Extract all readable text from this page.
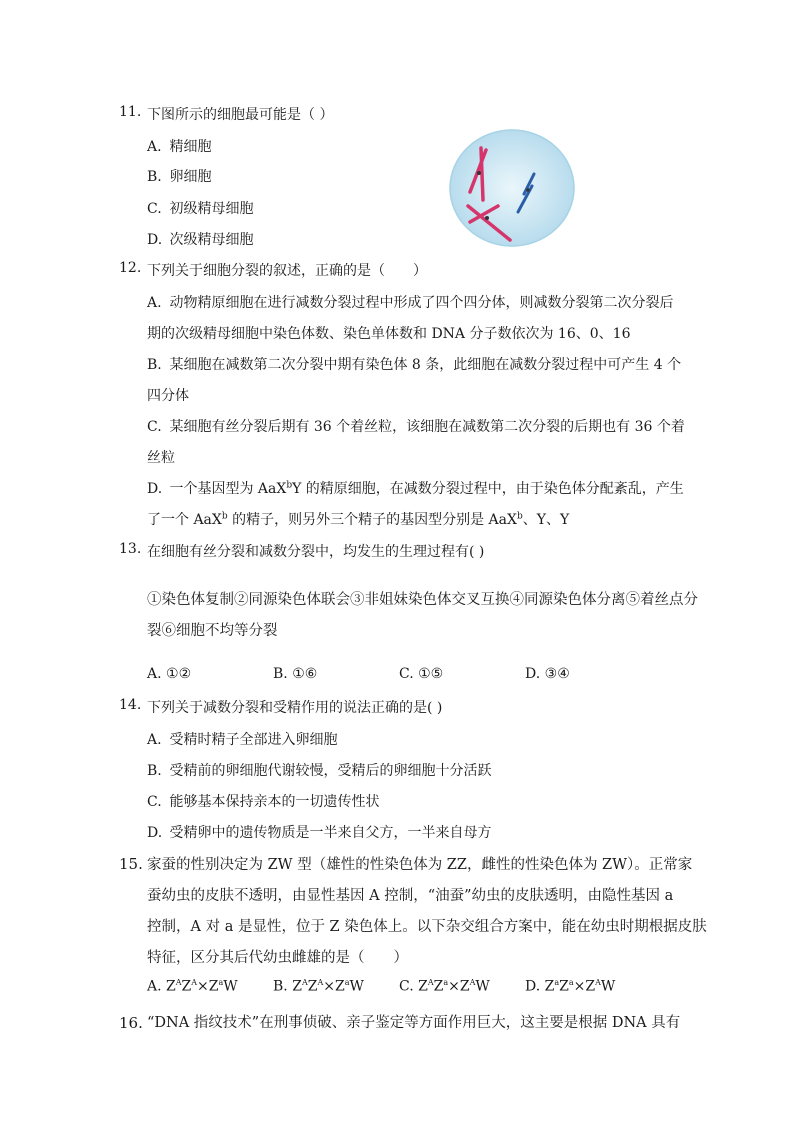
11. 下图所示的细胞最可能是（ ）
A. 精细胞
B. 卵细胞
C. 初级精母细胞
D. 次级精母细胞
12. 下列关于细胞分裂的叙述，正确的是（　　）
A. 动物精原细胞在进行减数分裂过程中形成了四个四分体，则减数分裂第二次分裂后
期的次级精母细胞中染色体数、染色单体数和 DNA 分子数依次为 16、0、16
B. 某细胞在减数第二次分裂中期有染色体 8 条，此细胞在减数分裂过程中可产生 4 个
四分体
C. 某细胞有丝分裂后期有 36 个着丝粒，该细胞在减数第二次分裂的后期也有 36 个着
丝粒
D. 一个基因型为 AaX$^b$Y 的精原细胞，在减数分裂过程中，由于染色体分配紊乱，产生
了一个 AaX$^b$ 的精子，则另外三个精子的基因型分别是 AaX$^b$、Y、Y
13. 在细胞有丝分裂和减数分裂中，均发生的生理过程有( )
①染色体复制②同源染色体联会③非姐妹染色体交叉互换④同源染色体分离⑤着丝点分
裂⑥细胞不均等分裂
A. ①②	B. ①⑥	C. ①⑤	D. ③④
14. 下列关于减数分裂和受精作用的说法正确的是( )
A. 受精时精子全部进入卵细胞
B. 受精前的卵细胞代谢较慢，受精后的卵细胞十分活跃
C. 能够基本保持亲本的一切遗传性状
D. 受精卵中的遗传物质是一半来自父方，一半来自母方
15. 家蚕的性别决定为 ZW 型（雄性的性染色体为 ZZ，雌性的性染色体为 ZW）。正常家
蚕幼虫的皮肤不透明，由显性基因 A 控制，“油蚕”幼虫的皮肤透明，由隐性基因 a
控制，A 对 a 是显性，位于 Z 染色体上。以下杂交组合方案中，能在幼虫时期根据皮肤
特征，区分其后代幼虫雌雄的是（　　）
A. $Z^AZ^A\times Z^aW$	B. $Z^AZ^A\times Z^aW$	C. $Z^AZ^a\times Z^AW$	D. $Z^aZ^a\times Z^AW$
16. “DNA 指纹技术”在刑事侦破、亲子鉴定等方面作用巨大，这主要是根据 DNA 具有
